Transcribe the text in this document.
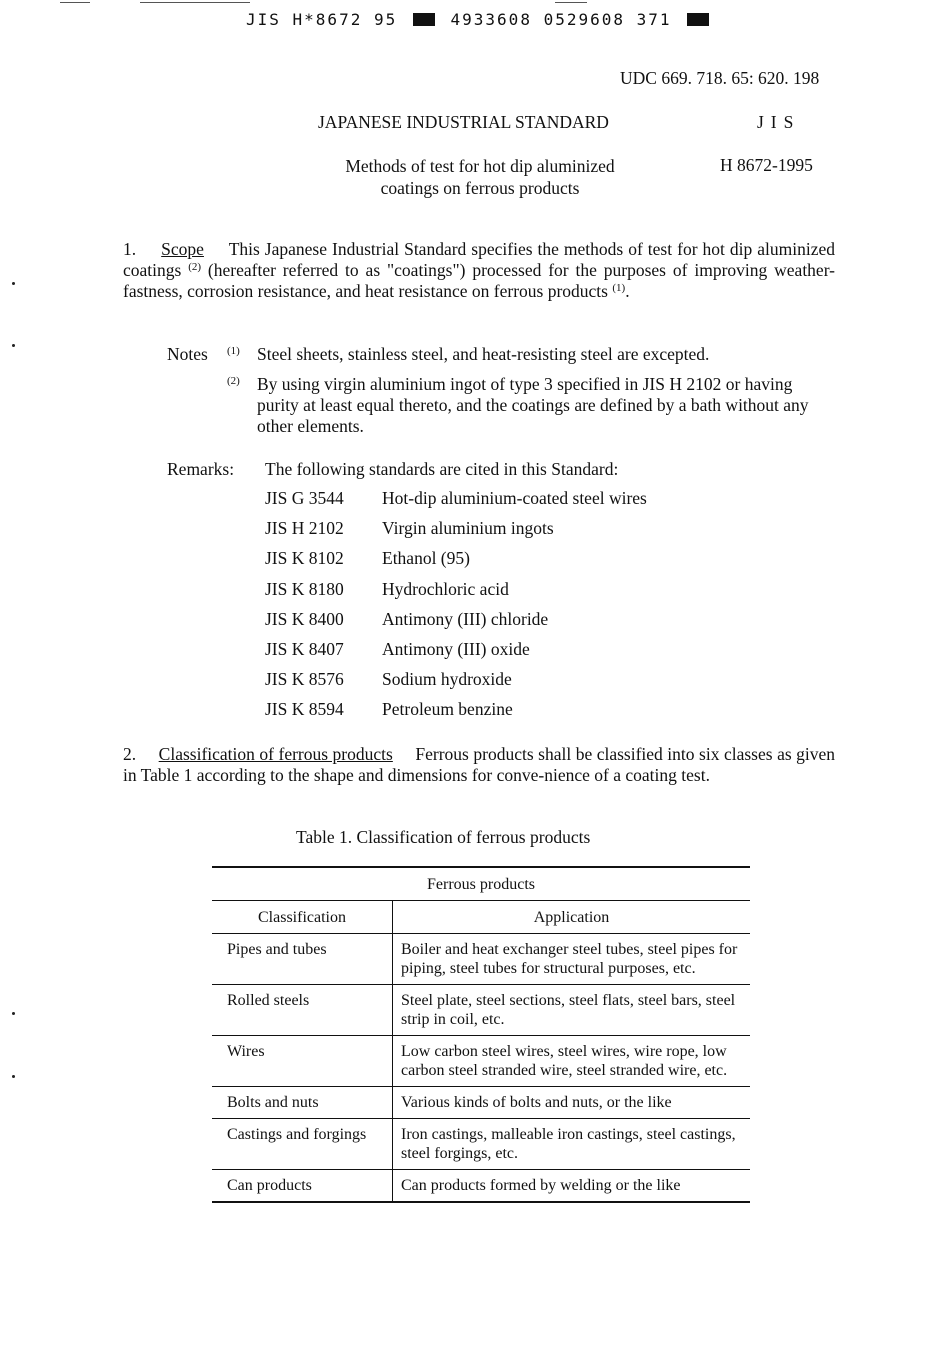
JIS H*8672 95	4933608 0529608 371
UDC 669. 718. 65: 620. 198
JAPANESE INDUSTRIAL STANDARD	JIS
Methods of test for hot dip aluminized
coatings on ferrous products
H 8672-1995
1. Scope This Japanese Industrial Standard specifies the methods of test for hot dip aluminized coatings $^{(2)}$ (hereafter referred to as "coatings") processed for the purposes of improving weather-fastness, corrosion resistance, and heat resistance on ferrous products $^{(1)}$.
Notes $^{(1)}$ Steel sheets, stainless steel, and heat-resisting steel are excepted.
$^{(2)}$ By using virgin aluminium ingot of type 3 specified in JIS H 2102 or having purity at least equal thereto, and the coatings are defined by a bath without any other elements.
Remarks: The following standards are cited in this Standard:
JIS G 3544	Hot-dip aluminium-coated steel wires
JIS H 2102	Virgin aluminium ingots
JIS K 8102	Ethanol (95)
JIS K 8180	Hydrochloric acid
JIS K 8400	Antimony (III) chloride
JIS K 8407	Antimony (III) oxide
JIS K 8576	Sodium hydroxide
JIS K 8594	Petroleum benzine
2. Classification of ferrous products Ferrous products shall be classified into six classes as given in Table 1 according to the shape and dimensions for conve-nience of a coating test.
Table 1. Classification of ferrous products
Ferrous products	
Classification	Application
Pipes and tubes	Boiler and heat exchanger steel tubes, steel pipes for piping, steel tubes for structural purposes, etc.
Rolled steels	Steel plate, steel sections, steel flats, steel bars, steel strip in coil, etc.
Wires	Low carbon steel wires, steel wires, wire rope, low carbon steel stranded wire, steel stranded wire, etc.
Bolts and nuts	Various kinds of bolts and nuts, or the like
Castings and forgings	Iron castings, malleable iron castings, steel castings, steel forgings, etc.
Can products	Can products formed by welding or the like
